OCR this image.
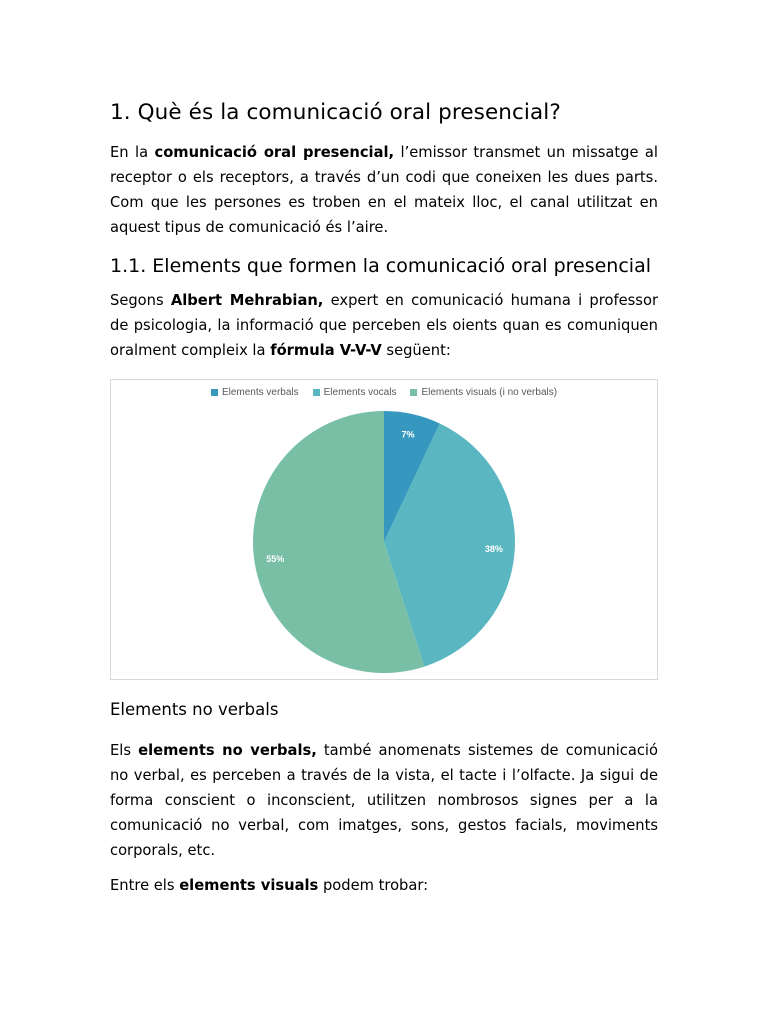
1. Què és la comunicació oral presencial?

En la comunicació oral presencial, l’emissor transmet un missatge al receptor o els receptors, a través d’un codi que coneixen les dues parts. Com que les persones es troben en el mateix lloc, el canal utilitzat en aquest tipus de comunicació és l’aire.

1.1. Elements que formen la comunicació oral presencial

Segons Albert Mehrabian, expert en comunicació humana i professor de psicologia, la informació que perceben els oients quan es comuniquen oralment compleix la fórmula V-V-V següent:

7%
38%
55%
Elements verbals	Elements vocals	Elements visuals (i no verbals)
Elements no verbals

Els elements no verbals, també anomenats sistemes de comunicació no verbal, es perceben a través de la vista, el tacte i l’olfacte. Ja sigui de forma conscient o inconscient, utilitzen nombrosos signes per a la comunicació no verbal, com imatges, sons, gestos facials, moviments corporals, etc.

Entre els elements visuals podem trobar:
